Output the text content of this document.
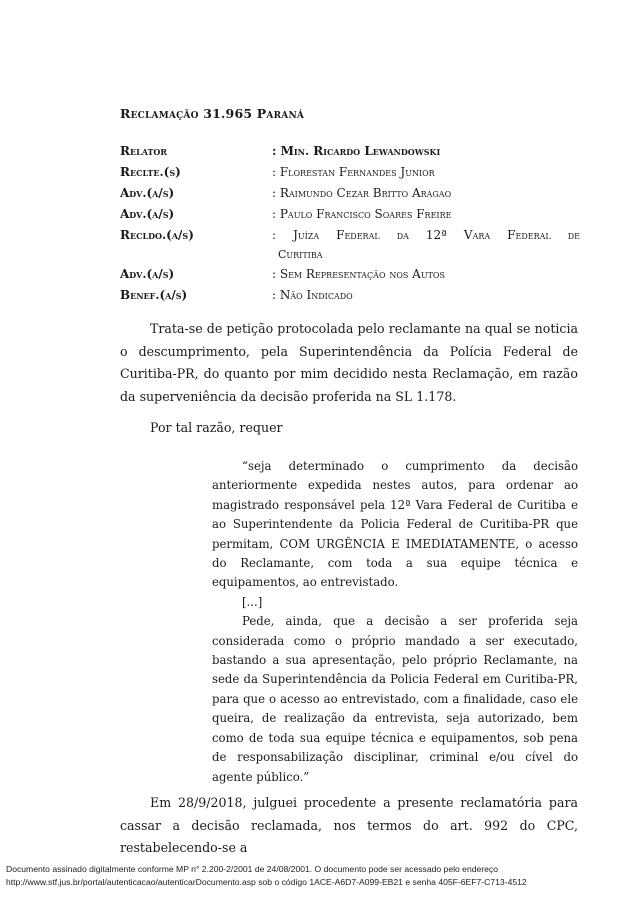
Reclamação 31.965 Paraná
Relator	: Min. Ricardo Lewandowski
Reclte.(s)	: Florestan Fernandes Junior
Adv.(a/s)	: Raimundo Cezar Britto Aragao
Adv.(a/s)	: Paulo Francisco Soares Freire
Recldo.(a/s)	: Juíza Federal da 12ª Vara Federal de
Curitiba
Adv.(a/s)	: Sem Representação nos Autos
Benef.(a/s)	: Não Indicado

Trata-se de petição protocolada pelo reclamante na qual se noticia o descumprimento, pela Superintendência da Polícia Federal de Curitiba-PR, do quanto por mim decidido nesta Reclamação, em razão da superveniência da decisão proferida na SL 1.178.

Por tal razão, requer

“seja determinado o cumprimento da decisão anteriormente expedida nestes autos, para ordenar ao magistrado responsável pela 12ª Vara Federal de Curitiba e ao Superintendente da Policia Federal de Curitiba-PR que permitam, COM URGÊNCIA E IMEDIATAMENTE, o acesso do Reclamante, com toda a sua equipe técnica e equipamentos, ao entrevistado.

[...]

Pede, ainda, que a decisão a ser proferida seja considerada como o próprio mandado a ser executado, bastando a sua apresentação, pelo próprio Reclamante, na sede da Superintendência da Policia Federal em Curitiba-PR, para que o acesso ao entrevistado, com a finalidade, caso ele queira, de realização da entrevista, seja autorizado, bem como de toda sua equipe técnica e equipamentos, sob pena de responsabilização disciplinar, criminal e/ou cível do agente público.”

Em 28/9/2018, julguei procedente a presente reclamatória para cassar a decisão reclamada, nos termos do art. 992 do CPC, restabelecendo-se a

Documento assinado digitalmente conforme MP n° 2.200-2/2001 de 24/08/2001. O documento pode ser acessado pelo endereço
http://www.stf.jus.br/portal/autenticacao/autenticarDocumento.asp sob o código 1ACE-A6D7-A099-EB21 e senha 405F-6EF7-C713-4512
